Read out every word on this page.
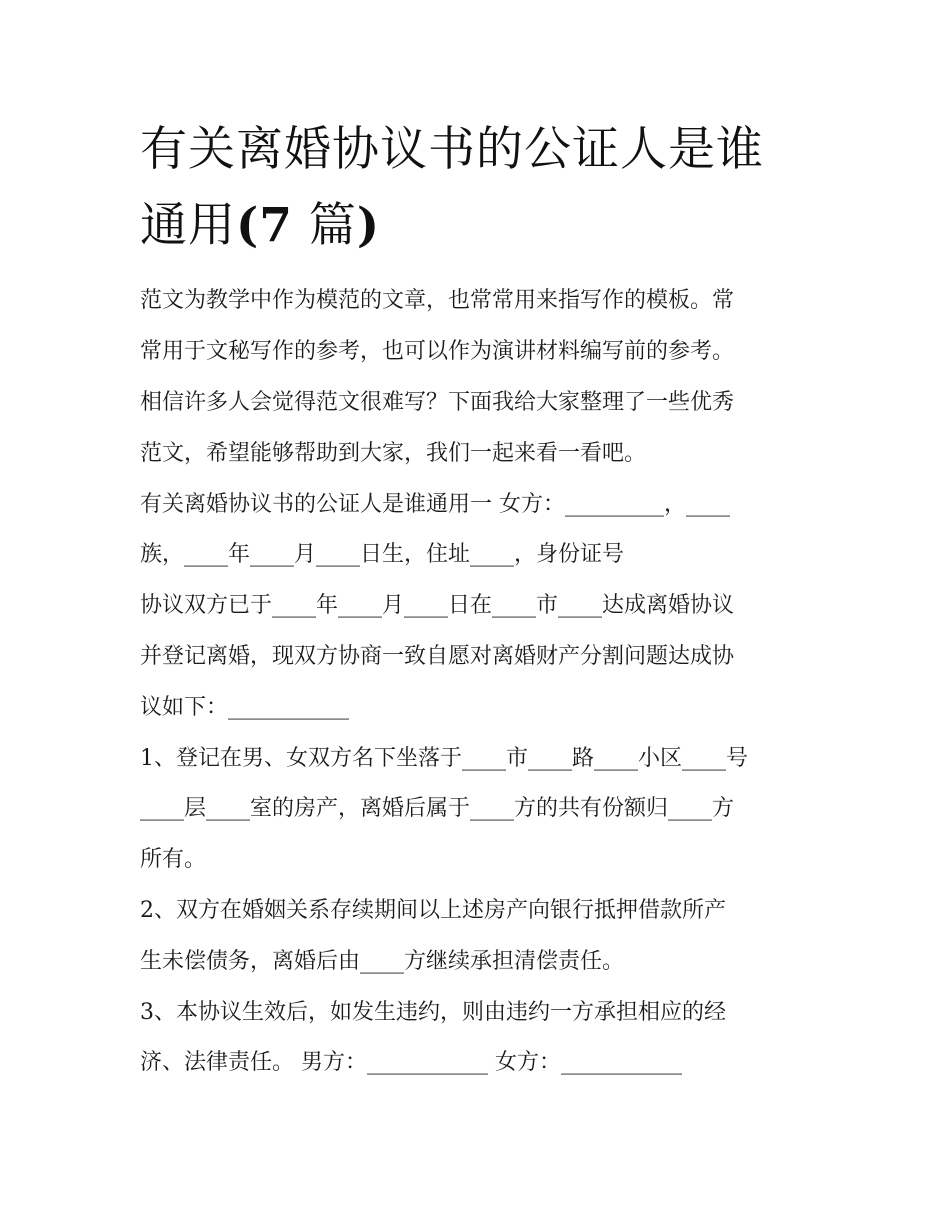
有关离婚协议书的公证人是谁
通用(7 篇)

范文为教学中作为模范的文章，也常常用来指写作的模板。常

常用于文秘写作的参考，也可以作为演讲材料编写前的参考。

相信许多人会觉得范文很难写？下面我给大家整理了一些优秀

范文，希望能够帮助到大家，我们一起来看一看吧。

有关离婚协议书的公证人是谁通用一 女方：_________，____

族，____年____月____日生，住址____，身份证号

协议双方已于____年____月____日在____市____达成离婚协议

并登记离婚，现双方协商一致自愿对离婚财产分割问题达成协

议如下：___________

1、登记在男、女双方名下坐落于____市____路____小区____号

____层____室的房产，离婚后属于____方的共有份额归____方

所有。

2、双方在婚姻关系存续期间以上述房产向银行抵押借款所产

生未偿债务，离婚后由____方继续承担清偿责任。

3、本协议生效后，如发生违约，则由违约一方承担相应的经

济、法律责任。 男方：___________ 女方：___________
